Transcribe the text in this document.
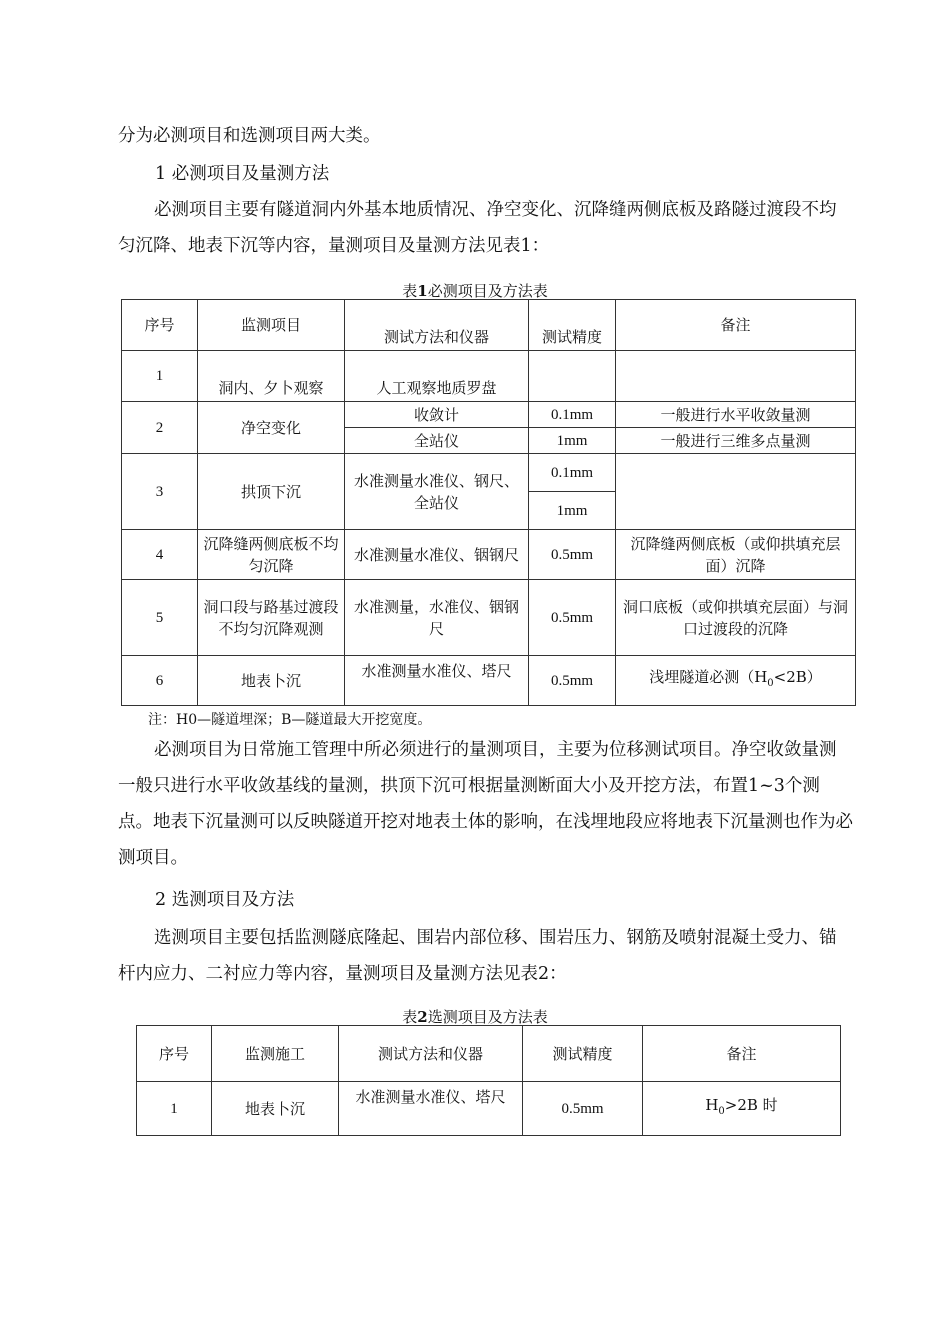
分为必测项目和选测项目两大类。

1 必测项目及量测方法

必测项目主要有隧道洞内外基本地质情况、净空变化、沉降缝两侧底板及路隧过渡段不均匀沉降、地表下沉等内容，量测项目及量测方法见表1：

表1必测项目及方法表

序号	监测项目	测试方法和仪器	测试精度	备注
1	洞内、夕卜观察	人工观察地质罗盘		
2	净空变化	收敛计	0.1mm	一般进行水平收敛量测
		全站仪	1mm	一般进行三维多点量测
3	拱顶下沉	水准测量水准仪、钢尺、全站仪	0.1mm	
			1mm	
4	沉降缝两侧底板不均匀沉降	水准测量水准仪、铟钢尺	0.5mm	沉降缝两侧底板（或仰拱填充层面）沉降
5	洞口段与路基过渡段不均匀沉降观测	水准测量，水准仪、铟钢尺	0.5mm	洞口底板（或仰拱填充层面）与洞口过渡段的沉降
6	地表卜沉	水准测量水准仪、塔尺	0.5mm	浅埋隧道必测$(H_0<2B)$

注：H0—隧道埋深；B—隧道最大开挖宽度。

必测项目为日常施工管理中所必须进行的量测项目，主要为位移测试项目。净空收敛量测一般只进行水平收敛基线的量测，拱顶下沉可根据量测断面大小及开挖方法，布置1~3个测点。地表下沉量测可以反映隧道开挖对地表土体的影响，在浅埋地段应将地表下沉量测也作为必测项目。

2 选测项目及方法

选测项目主要包括监测隧底隆起、围岩内部位移、围岩压力、钢筋及喷射混凝土受力、锚杆内应力、二衬应力等内容，量测项目及量测方法见表2：

表2选测项目及方法表

序号	监测施工	测试方法和仪器	测试精度	备注
1	地表卜沉	水准测量水准仪、塔尺	0.5mm	$H_0>2B$ 时
